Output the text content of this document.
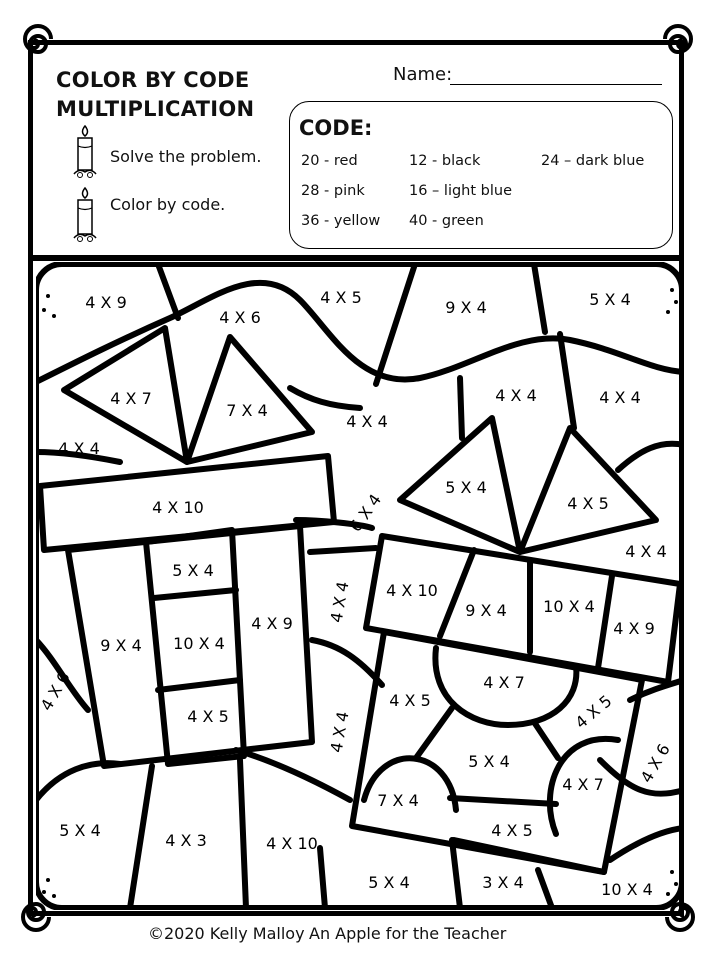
COLOR BY CODE
MULTIPLICATION
Solve the problem.
Color by code.
Name:
CODE:
20 - red	12 - black	24 – dark blue
28 - pink	16 – light blue
36 - yellow 40 - green
4 X 9	4 X 5
4 X 6
9 X 4	5 X 4
4 X 7
7 X 4
4 X 4
4 X 4
4 X 4
6 X 4
4 X 4
4 X 10
5 X 4
4 X 5
4 X 4
5 X 4
4 X 9
9 X 4 10 X 4
4 X 10
9 X 4 10 X 4
4 X 9
4 X 4
4 X 7
4 X 6
4 X 5
4 X 5	4 X 5
4 X 4
5 X 4
4 X 7 4 X 6
7 X 4
4 X 5
5 X 4
4 X 3	4 X 10
5 X 4	3 X 4	10 X 4
©2020 Kelly Malloy An Apple for the Teacher
